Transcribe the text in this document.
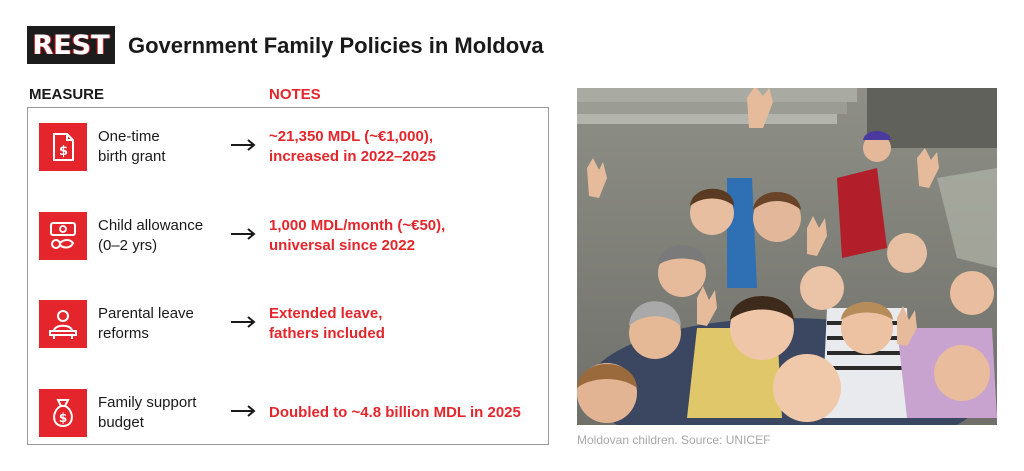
REST Government Family Policies in Moldova
MEASURE	NOTES
$
One-time
birth grant
~21,350 MDL (~€1,000),
increased in 2022–2025
Child allowance
(0–2 yrs)
1,000 MDL/month (~€50),
universal since 2022
Parental leave
reforms
Extended leave,
fathers included
$
Family support
budget
Doubled to ~4.8 billion MDL in 2025
Moldovan children. Source: UNICEF
